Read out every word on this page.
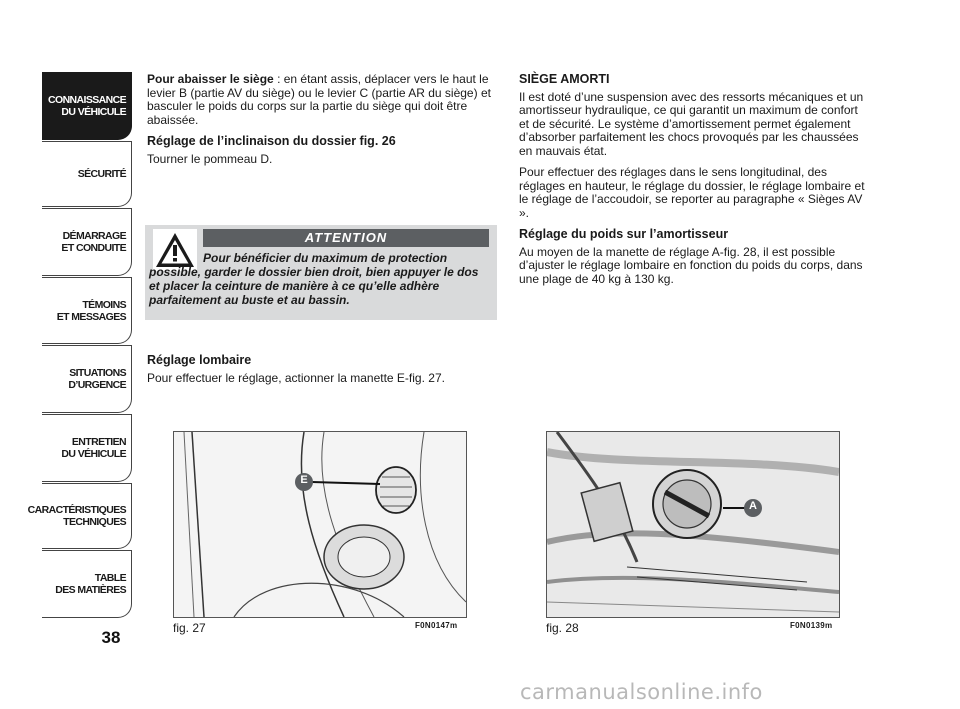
CONNAISSANCE
DU VÉHICULE
SÉCURITÉ
DÉMARRAGE
ET CONDUITE
TÉMOINS
ET MESSAGES
SITUATIONS
D’URGENCE
ENTRETIEN
DU VÉHICULE
CARACTÉRISTIQUES
TECHNIQUES
TABLE
DES MATIÈRES
38

Pour abaisser le siège : en étant assis, déplacer vers le haut le levier B (partie AV du siège) ou le levier C (partie AR du siège) et basculer le poids du corps sur la partie du siège qui doit être abaissée.

Réglage de l’inclinaison du dossier fig. 26

Tourner le pommeau D.

ATTENTION
Pour bénéficier du maximum de protection possible, garder le dossier bien droit, bien appuyer le dos et placer la ceinture de manière à ce qu’elle adhère parfaitement au buste et au bassin.
Réglage lombaire

Pour effectuer le réglage, actionner la manette E-fig. 27.

SIÈGE AMORTI

Il est doté d’une suspension avec des ressorts mécaniques et un amortisseur hydraulique, ce qui garantit un maximum de confort et de sécurité. Le système d’amortissement permet également d’absorber parfaitement les chocs provoqués par les chaussées en mauvais état.

Pour effectuer des réglages dans le sens longitudinal, des réglages en hauteur, le réglage du dossier, le réglage lombaire et le réglage de l’accoudoir, se reporter au paragraphe « Sièges AV ».

Réglage du poids sur l’amortisseur

Au moyen de la manette de réglage A-fig. 28, il est possible d’ajuster le réglage lombaire en fonction du poids du corps, dans une plage de 40 kg à 130 kg.

E
fig. 27	F0N0147m
A
fig. 28	F0N0139m
carmanualsonline.info
